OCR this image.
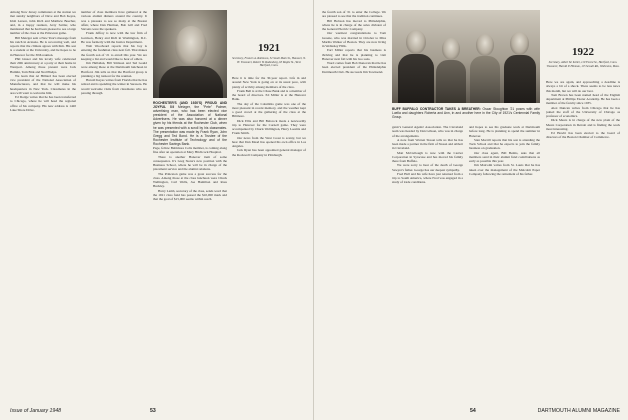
Among New Jersey commuters at the station we met sundry neighbors of Dave and Bob Keyes, Irish Larson, John Rich and Matthew Beecher, and, in a happy reunion, Jerry Sattler, who mentioned that he had been pleased to see a large number of the class at the Princeton game.

Bill Metzger sent a New Year's message from his ranch in Arizona. He is recovering well, and reports that the climate agrees with him. His son is a student at the University, and he hopes to be in Hanover for the 30th reunion.

Phil Glaser and his lovely wife celebrated their 20th anniversary at a party at their home in Westport. Among those present were Jack Hamlin, Tom Birk and Ned Phelps.

We learn that Al Hilliard has been elected vice president of the National Association of Manufacturers, and that he will make his headquarters in New York. Classmates in the area will want to welcome him.

Ed Dodge writes that he has been transferred to Chicago, where he will head the regional office of his company. His new address is 1420 Lake Shore Drive.

number of class members have gathered at the various alumni dinners around the country. It was a pleasure to see so many at the Boston affair, where Dan Harmon, Bob Gill and Fred Stevens were the speakers.

Frank Jaffrey is now with the law firm of Garrison, Henry and Rich in Washington, D.C. He was formerly with the Justice Department.

Walt Woodward reports that his boy is entering the freshman class next fall. That makes the fourth son of '21 to enroll this year. We are keeping a list and would like to hear of others.

Jim Hallahan, Bill Stimson and Ted Gould were among those at the Dartmouth luncheon in Hartford. Jim tells us that the Hartford group is planning a big turnout for the reunion.

Harold Keyes writes from Florida that he has retired and is spending the winter in Sarasota. He would welcome visits from classmates who are passing through.

ROCHESTER'S (AND 1920'S) PROUD AND JOYFUL Bill Metzger, the "Pete" Palmer, advertising man, who has been elected vice president of the Association of National Advertisers. He was also honored at a dinner given by his friends at the Rochester Club, when he was presented with a scroll by his classmates. The presentation was made by Frank Ryan, John Gregg and Ted Bond. He is a Trustee of the Rochester Institute of Technology and of the Rochester Savings Bank.

Page, fellow Baltimore Colts member, is coming along fine after an operation at Mary Hitchcock Hospital.

There is another Hanover item of some consequence. It's Greg Stone's new position with the Business School, where he will be in charge of the placement service and the alumni relations.

The Princeton game was a great success for the class. Among those at the class luncheon were Chuck Wellington, Carl Wells, Joe Hamilton and Ross Buckley.

Harry Lamb, secretary of the class, sends word that the 1921 class fund has passed the $10,000 mark and that the goal of $15,000 seems within reach.

1921
Secretary, Francis A. Robinson, 52 South Main St., Hanover, N. H. Treasurer, Robert W. Rodenberg, 63 Maple St., West Hartford, Conn.

Here it is time for the 30-year report. Life in and around New York is going on at its usual pace, with plenty of activity among members of the class.

Frank Bell is at the Chase Bank and is a member of the board of directors. Ed Miller is at the Hanover Bank.

The day of the Columbia game was one of the most pleasant in recent memory, and the weather kept a good crowd at the gathering of the class at the Biltmore.

Dick Ellis and Bill Babcock made a noteworthy trip to Hanover for the Cornell game. They were accompanied by Chuck Wellington, Harry Loomis and Frank Smith.

Our news from the West Coast is scanty, but we hear that Dan Mead has opened his own office in Los Angeles.

Jack Ryan has been appointed general manager of the Rockwell Company in Pittsburgh.

Issue of January 1948	53

the fourth son of '21 to enter the College. We are pleased to see that the tradition continues.

Bill Hobson has moved to Philadelphia, where he is in charge of the sales division of the General Electric Company.

Our warmest congratulations to Tom Greene, who was married in October to Miss Martha Walker of Boston. They are now living in Wellesley Hills.

Earl Miller reports that his business is thriving and that he is planning to visit Hanover next fall with his two sons.

Word comes from Bob Donovan that he has been elected president of the Philadelphia Dartmouth Club. He succeeds Jim Townsend.

BUFF BUFFALO CONTRACTOR TAKES A BREATHER: Oscar Stoughton '21 poses with wife Luella and daughters Roberta and Ann, in and another here in the City of 1921's Centennial Family Group.

ganic's General Agents' Association. The Cleveland team was headed by Dan Gibson, who was in charge of the arrangements.

A note from Warren Sisson tells us that he has been made a partner in the firm of Sisson and Abbott in Cleveland.

Matt McCullough is now with the Carrier Corporation in Syracuse and has moved his family there from Buffalo.

We were sorry to hear of the death of George Sawyer's father. George has our deepest sympathy.

Fred Hall and his wife have just returned from a trip to South America, where Fred was engaged in a study of trade conditions.

and hopes to see his graduate work at Dartmouth before long. He is planning to spend the summer in Hanover.

Stan Morrill reports that his son is attending the Tuck School and that he expects to join the family business on graduation.

Our class agent, Bill Bemis, asks that all members send in their alumni fund contributions as early as possible this year.

Jim Malcolm writes from St. Louis that he has taken over the management of the Malcolm Paper Company following the retirement of his father.

1922
Secretary, Albert M. Keller, 110 Forest St., Hartford, Conn. Treasurer, Harold P. Hinman, 115 Sewall Rd., Wolleston, Mass.

Here we are again, and approaching a deadline is always a bit of a shock. There seems to be less news this month, but we will do our best.

Tom Brown has been named head of the English department at Phillips Exeter Academy. He has been a member of the faculty since 1935.

Alex Duncan writes from Chicago that he has joined the staff of the University of Chicago as professor of economics.

Dick Mears is in charge of the new plant of the Mears Corporation in Detroit and is finding the work most interesting.

Ed Hewitt has been elected to the board of directors of the Boston Chamber of Commerce.

54	DARTMOUTH ALUMNI MAGAZINE
